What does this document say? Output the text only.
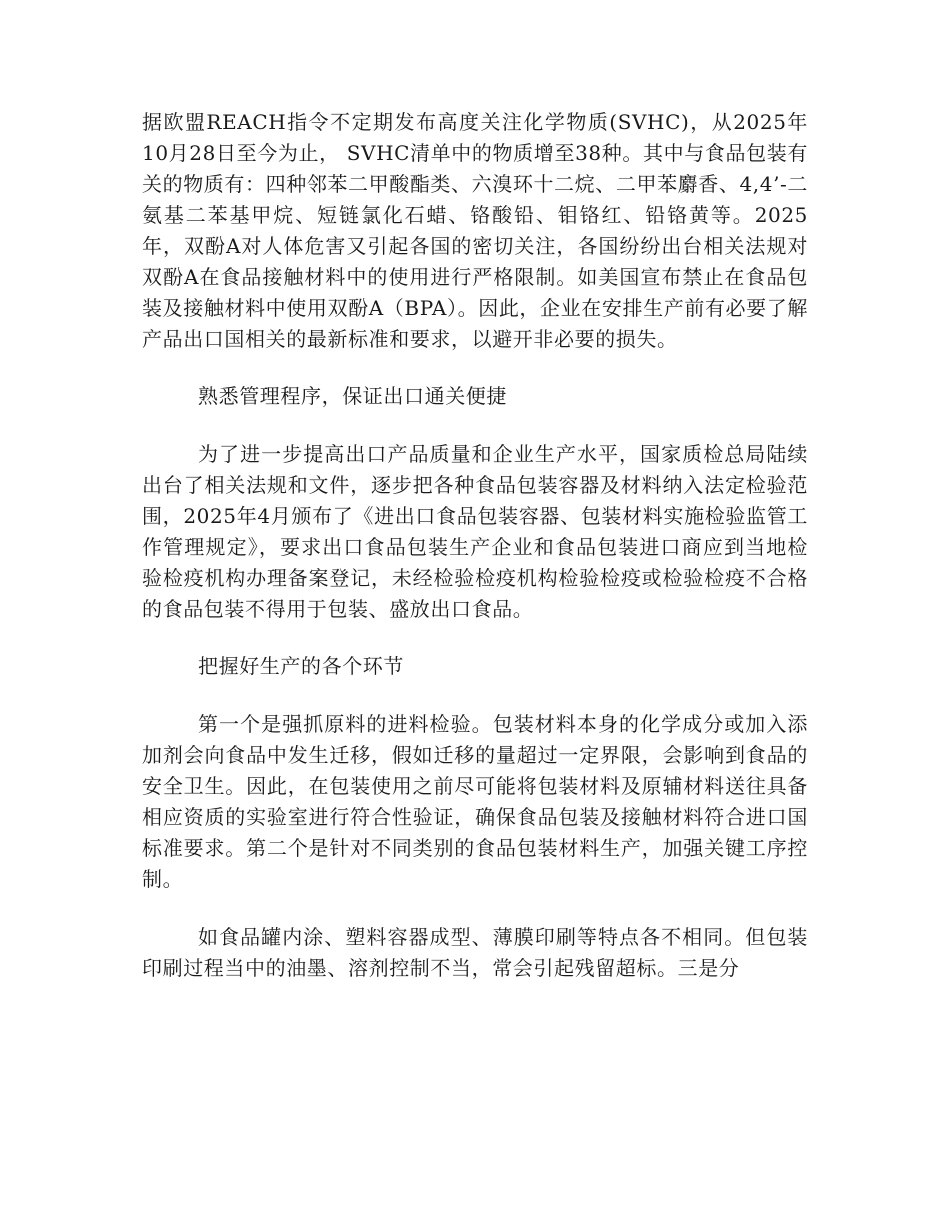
据欧盟REACH指令不定期发布高度关注化学物质(SVHC)，从2025年10月28日至今为止， SVHC清单中的物质增至38种。其中与食品包装有关的物质有：四种邻苯二甲酸酯类、六溴环十二烷、二甲苯麝香、4,4’-二氨基二苯基甲烷、短链氯化石蜡、铬酸铅、钼铬红、铅铬黄等。2025年，双酚A对人体危害又引起各国的密切关注，各国纷纷出台相关法规对双酚A在食品接触材料中的使用进行严格限制。如美国宣布禁止在食品包装及接触材料中使用双酚A（BPA）。因此，企业在安排生产前有必要了解产品出口国相关的最新标准和要求，以避开非必要的损失。

熟悉管理程序，保证出口通关便捷

为了进一步提高出口产品质量和企业生产水平，国家质检总局陆续出台了相关法规和文件，逐步把各种食品包装容器及材料纳入法定检验范围，2025年4月颁布了《进出口食品包装容器、包装材料实施检验监管工作管理规定》，要求出口食品包装生产企业和食品包装进口商应到当地检验检疫机构办理备案登记，未经检验检疫机构检验检疫或检验检疫不合格的食品包装不得用于包装、盛放出口食品。

把握好生产的各个环节

第一个是强抓原料的进料检验。包装材料本身的化学成分或加入添加剂会向食品中发生迁移，假如迁移的量超过一定界限，会影响到食品的安全卫生。因此，在包装使用之前尽可能将包装材料及原辅材料送往具备相应资质的实验室进行符合性验证，确保食品包装及接触材料符合进口国标准要求。第二个是针对不同类别的食品包装材料生产，加强关键工序控制。

如食品罐内涂、塑料容器成型、薄膜印刷等特点各不相同。但包装印刷过程当中的油墨、溶剂控制不当，常会引起残留超标。三是分
